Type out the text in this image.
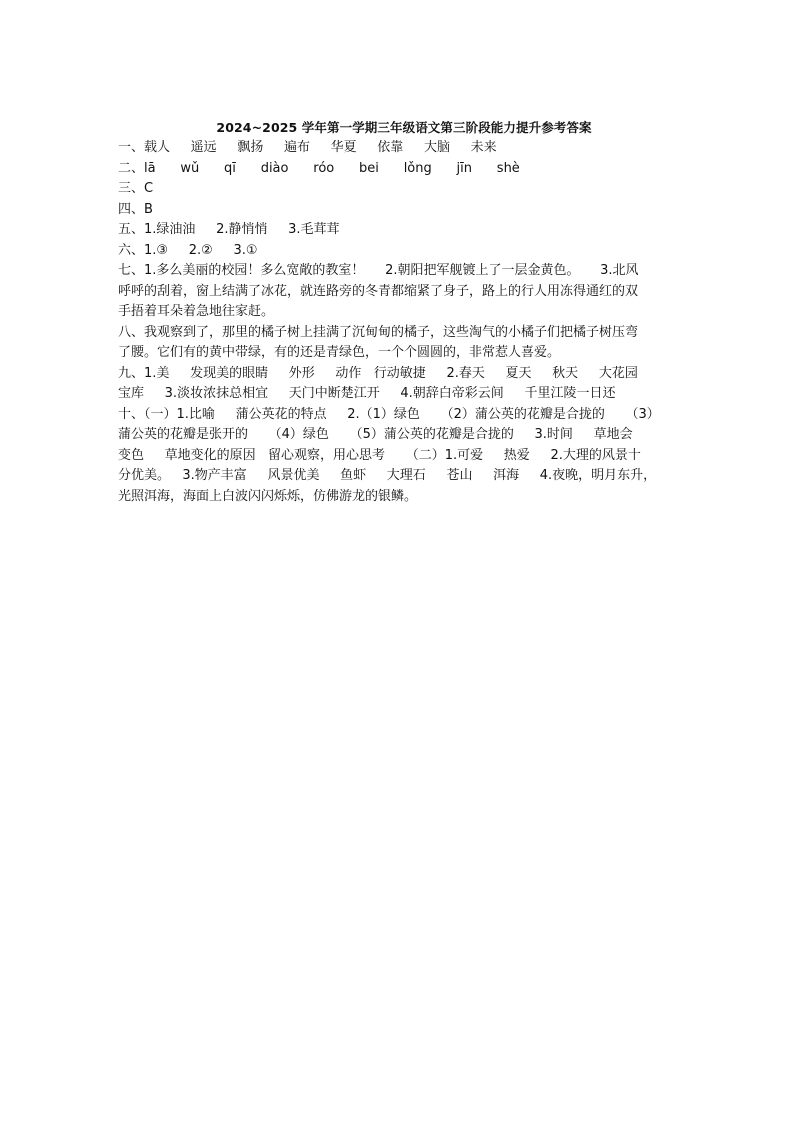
2024~2025 学年第一学期三年级语文第三阶段能力提升参考答案
一、载人     遥远     飘扬     遍布     华夏     依靠     大脑     未来
二、lā      wǔ      qī      diào      róo      bei      lǒng      jīn      shè
三、C
四、B
五、1.绿油油     2.静悄悄     3.毛茸茸
六、1.③     2.②     3.①
七、1.多么美丽的校园！多么宽敞的教室！     2.朝阳把军舰镀上了一层金黄色。     3.北风
呼呼的刮着，窗上结满了冰花，就连路旁的冬青都缩紧了身子，路上的行人用冻得通红的双
手捂着耳朵着急地往家赶。
八、我观察到了，那里的橘子树上挂满了沉甸甸的橘子，这些淘气的小橘子们把橘子树压弯
了腰。它们有的黄中带绿，有的还是青绿色，一个个圆圆的，非常惹人喜爱。
九、1.美     发现美的眼睛     外形     动作   行动敏捷     2.春天     夏天     秋天     大花园
宝库     3.淡妆浓抹总相宜     天门中断楚江开     4.朝辞白帝彩云间     千里江陵一日还
十、（一）1.比喻     蒲公英花的特点     2.（1）绿色     （2）蒲公英的花瓣是合拢的     （3）
蒲公英的花瓣是张开的     （4）绿色     （5）蒲公英的花瓣是合拢的     3.时间     草地会
变色     草地变化的原因   留心观察，用心思考     （二）1.可爱     热爱     2.大理的风景十
分优美。   3.物产丰富     风景优美     鱼虾     大理石     苍山     洱海     4.夜晚，明月东升，
光照洱海，海面上白波闪闪烁烁，仿佛游龙的银鳞。
